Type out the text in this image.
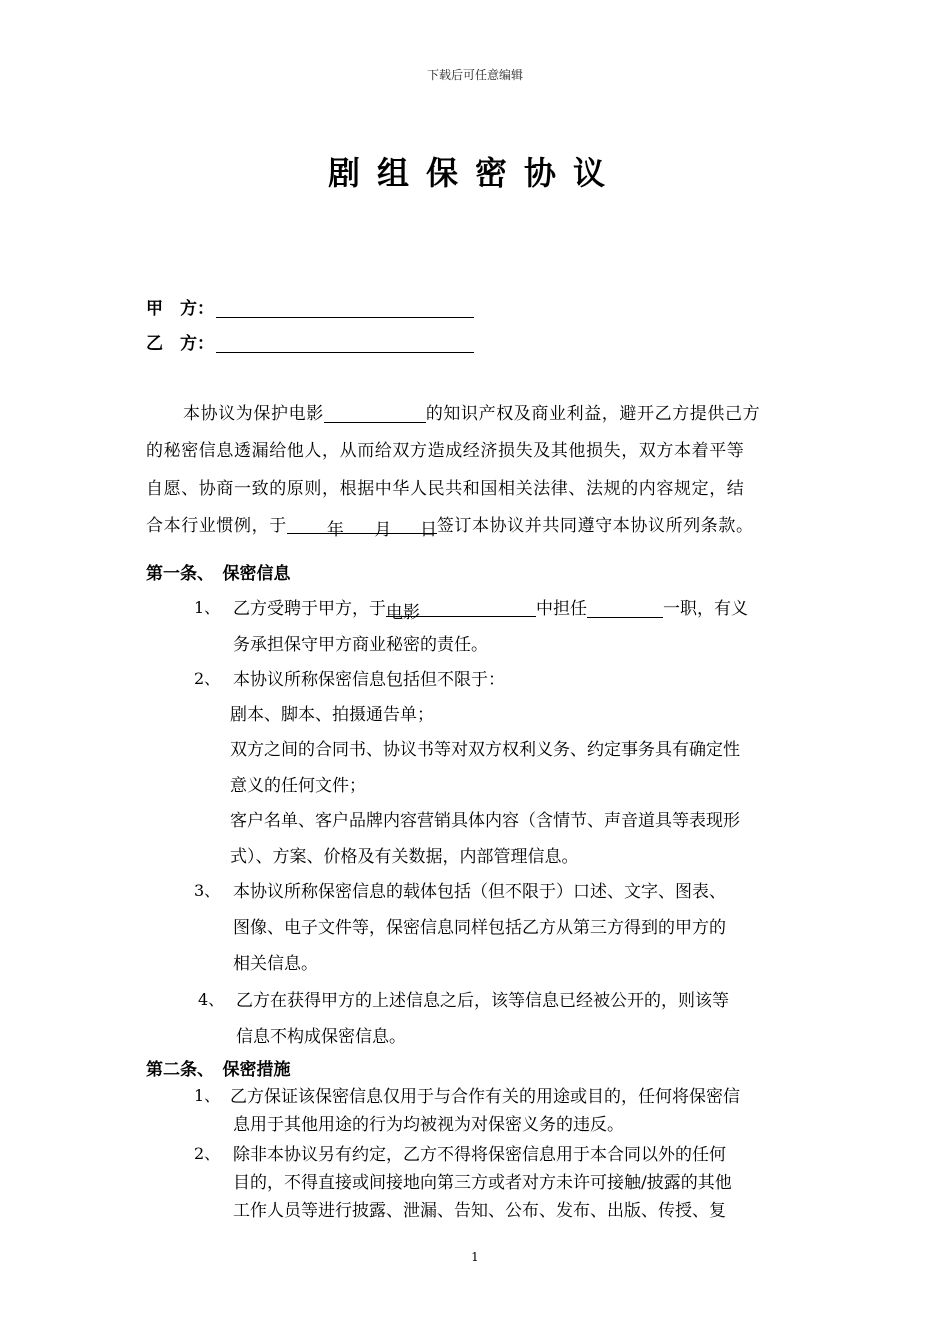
下载后可任意编辑
剧组保密协议
甲　方：
乙　方：
本协议为保护电影	的知识产权及商业利益，避开乙方提供己方
的秘密信息透漏给他人，从而给双方造成经济损失及其他损失，双方本着平等
自愿、协商一致的原则，根据中华人民共和国相关法律、法规的内容规定，结
合本行业惯例，于 年 月 日签订本协议并共同遵守本协议所列条款。
第一条、　保密信息
1、 乙方受聘于甲方，于电影	中担任	一职，有义
务承担保守甲方商业秘密的责任。
2、 本协议所称保密信息包括但不限于：
剧本、脚本、拍摄通告单；
双方之间的合同书、协议书等对双方权利义务、约定事务具有确定性
意义的任何文件；
客户名单、客户品牌内容营销具体内容（含情节、声音道具等表现形
式）、方案、价格及有关数据，内部管理信息。
3、 本协议所称保密信息的载体包括（但不限于）口述、文字、图表、
图像、电子文件等，保密信息同样包括乙方从第三方得到的甲方的
相关信息。
4、 乙方在获得甲方的上述信息之后，该等信息已经被公开的，则该等
信息不构成保密信息。
第二条、　保密措施
1、 乙方保证该保密信息仅用于与合作有关的用途或目的，任何将保密信
息用于其他用途的行为均被视为对保密义务的违反。
2、 除非本协议另有约定，乙方不得将保密信息用于本合同以外的任何
目的，不得直接或间接地向第三方或者对方未许可接触/披露的其他
工作人员等进行披露、泄漏、告知、公布、发布、出版、传授、复
1
